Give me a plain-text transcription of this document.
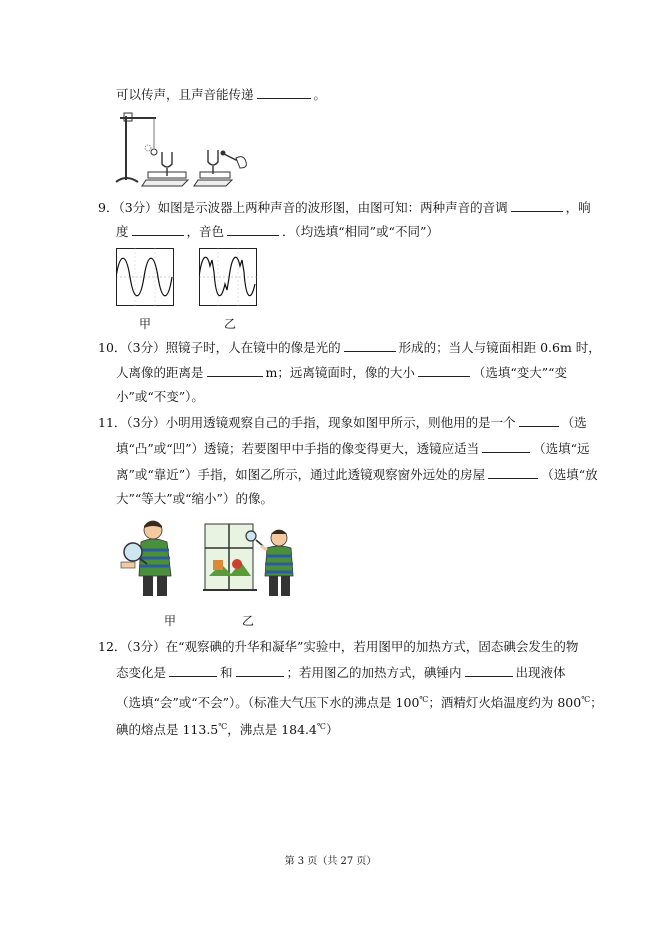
可以传声，且声音能传递	。
9．（3分）如图是示波器上两种声音的波形图，由图可知：两种声音的音调	，响
度	，音色	．（均选填“相同”或“不同”）
甲	乙
10．（3分）照镜子时，人在镜中的像是光的	形成的；当人与镜面相距 0.6m 时，
人离像的距离是	m；远离镜面时，像的大小	（选填“变大”“变
小”或“不变”）。
11．（3分）小明用透镜观察自己的手指，现象如图甲所示，则他用的是一个	（选
填“凸”或“凹”）透镜；若要图甲中手指的像变得更大，透镜应适当	（选填“远
离”或“靠近”）手指，如图乙所示，通过此透镜观察窗外远处的房屋	（选填“放
大”“等大”或“缩小”）的像。
甲	乙
12．（3分）在“观察碘的升华和凝华”实验中，若用图甲的加热方式，固态碘会发生的物
态变化是	和	；若用图乙的加热方式，碘锤内	出现液体
（选填“会”或“不会”）。（标准大气压下水的沸点是 100℃；酒精灯火焰温度约为 800℃；
碘的熔点是 113.5℃，沸点是 184.4℃）
第 3 页（共 27 页）
